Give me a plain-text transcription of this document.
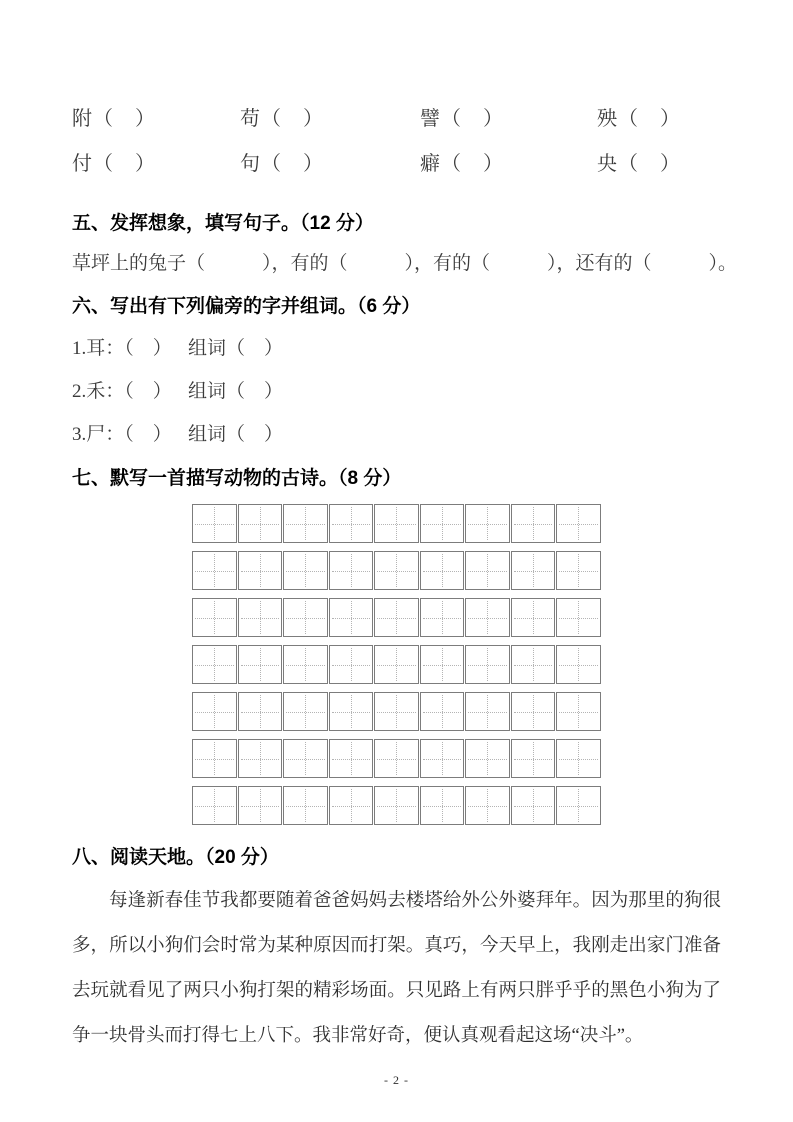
附（　）	苟（　）	譬（　）	殃（　）
付（　）	句（　）	癖（　）	央（　）
五、发挥想象，填写句子。（12 分）
草坪上的兔子（　　　），有的（　　　），有的（　　　），还有的（　　　）。
六、写出有下列偏旁的字并组词。（6 分）
1.耳：（　） 组词（　）
2.禾：（　） 组词（　）
3.尸：（　） 组词（　）
七、默写一首描写动物的古诗。（8 分）
八、阅读天地。（20 分）
每逢新春佳节我都要随着爸爸妈妈去楼塔给外公外婆拜年。因为那里的狗很多，所以小狗们会时常为某种原因而打架。真巧，今天早上，我刚走出家门准备去玩就看见了两只小狗打架的精彩场面。只见路上有两只胖乎乎的黑色小狗为了争一块骨头而打得七上八下。我非常好奇，便认真观看起这场“决斗”。
- 2 -
